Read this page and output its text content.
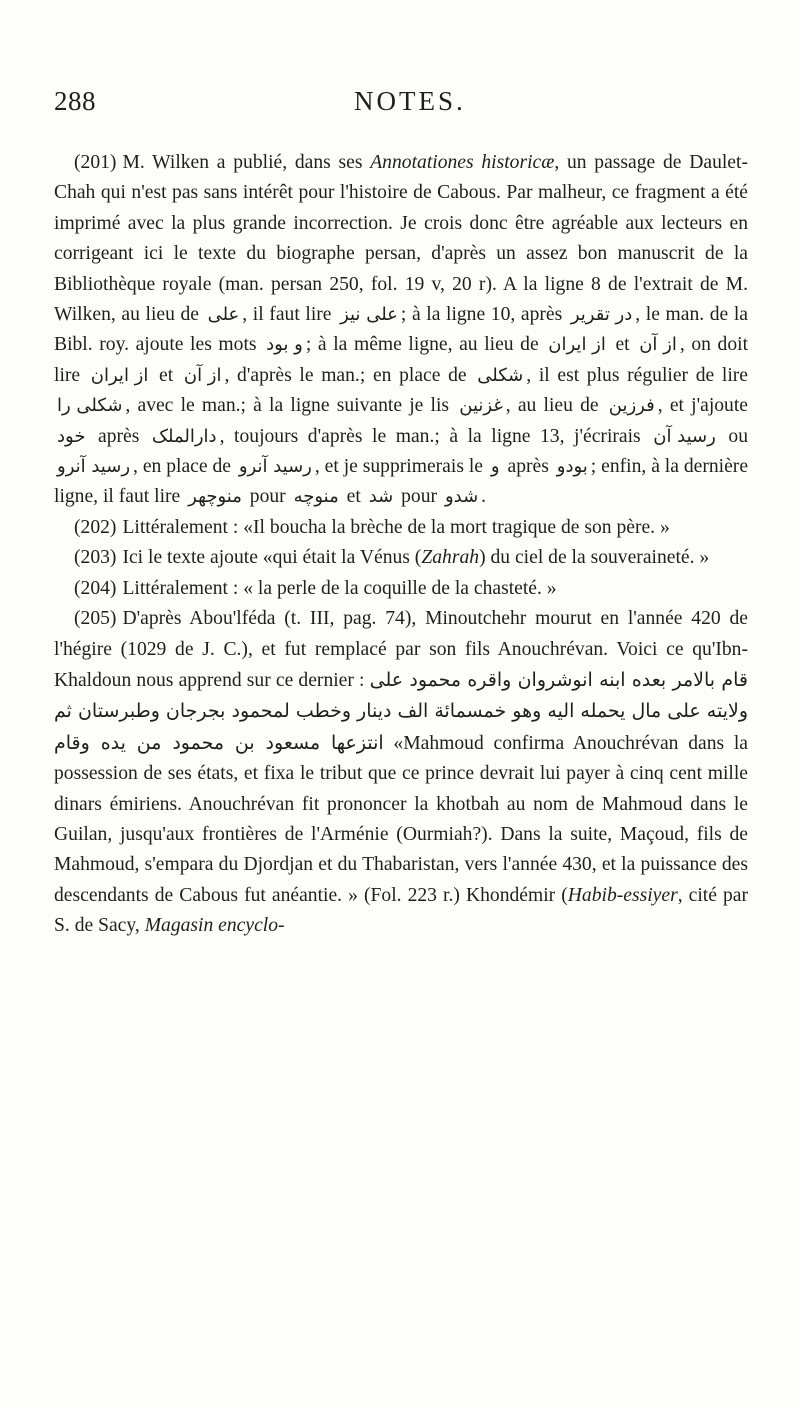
288	NOTES.

(201) M. Wilken a publié, dans ses Annotationes historicæ, un passage de Daulet-Chah qui n'est pas sans intérêt pour l'histoire de Cabous. Par malheur, ce fragment a été imprimé avec la plus grande incorrection. Je crois donc être agréable aux lecteurs en corrigeant ici le texte du biographe persan, d'après un assez bon manuscrit de la Bibliothèque royale (man. persan 250, fol. 19 v, 20 r). A la ligne 8 de l'extrait de M. Wilken, au lieu de علی , il faut lire علی نیز ; à la ligne 10, après در تقریر , le man. de la Bibl. roy. ajoute les mots و بود ; à la même ligne, au lieu de از ایران et از آن , on doit lire از ایران et از آن , d'après le man.; en place de شکلی , il est plus régulier de lire شکلی را , avec le man.; à la ligne suivante je lis غزنین , au lieu de فرزین , et j'ajoute خود après دارالملک , toujours d'après le man.; à la ligne 13, j'écrirais رسید آن ou رسید آنرو , en place de رسید آنرو , et je supprimerais le و après بودو ; enfin, à la dernière ligne, il faut lire منوچهر pour منوچه et شد pour شدو .

(202) Littéralement : «Il boucha la brèche de la mort tragique de son père. »

(203) Ici le texte ajoute «qui était la Vénus (Zahrah) du ciel de la souveraineté. »

(204) Littéralement : « la perle de la coquille de la chasteté. »

(205) D'après Abou'lféda (t. III, pag. 74), Minoutchehr mourut en l'année 420 de l'hégire (1029 de J. C.), et fut remplacé par son fils Anouchrévan. Voici ce qu'Ibn-Khaldoun nous apprend sur ce dernier : قام بالامر بعده ابنه انوشروان واقره محمود على ولايته على مال يحمله اليه وهو خمسمائة الف دينار وخطب لمحمود بجرجان وطبرستان ثم انتزعها مسعود بن محمود من يده وقام «Mahmoud confirma Anouchrévan dans la possession de ses états, et fixa le tribut que ce prince devrait lui payer à cinq cent mille dinars émiriens. Anouchrévan fit prononcer la khotbah au nom de Mahmoud dans le Guilan, jusqu'aux frontières de l'Arménie (Ourmiah?). Dans la suite, Maçoud, fils de Mahmoud, s'empara du Djordjan et du Thabaristan, vers l'année 430, et la puissance des descendants de Cabous fut anéantie. » (Fol. 223 r.) Khondémir (Habib-essiyer, cité par S. de Sacy, Magasin encyclo-
